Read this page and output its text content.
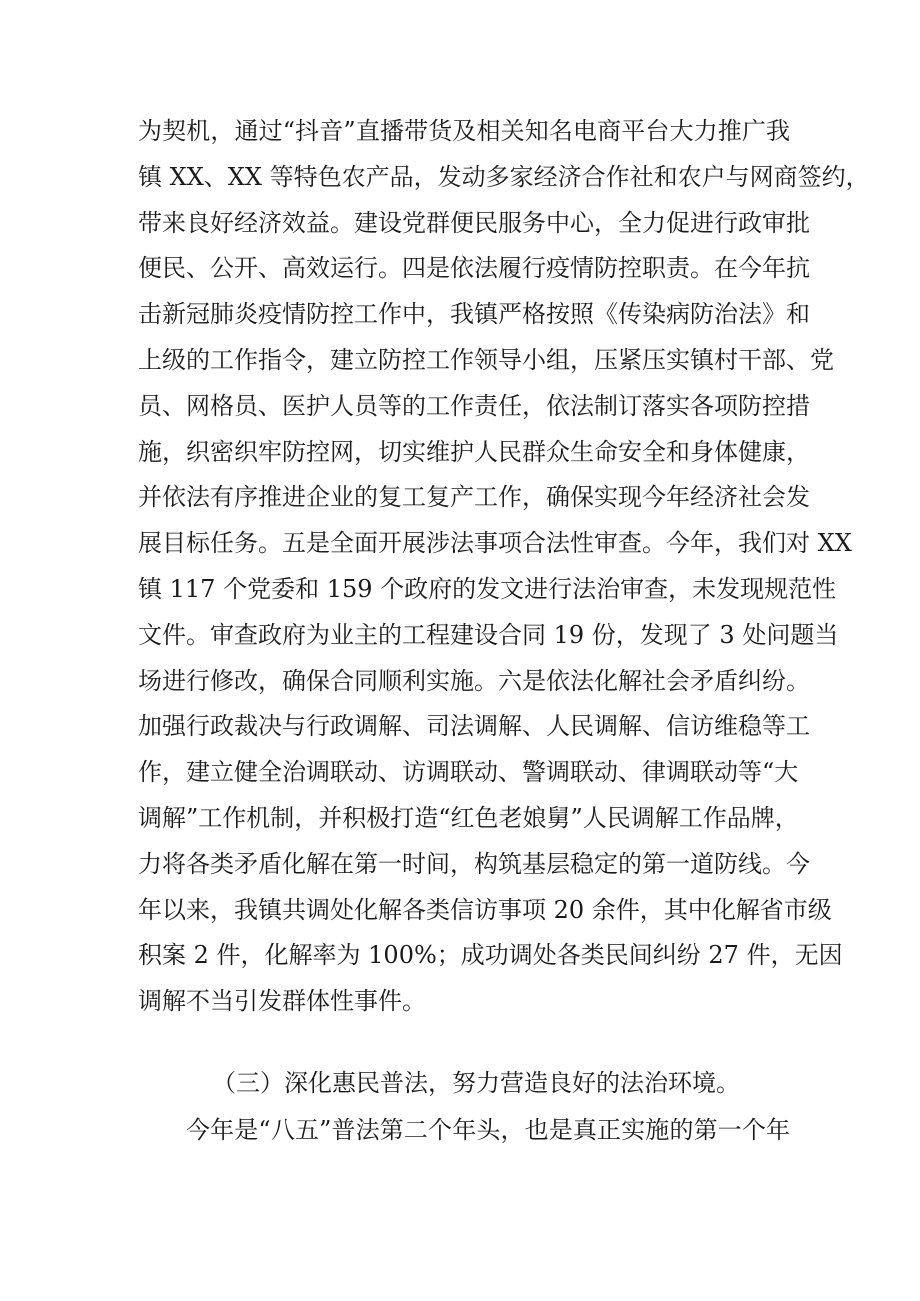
为契机，通过“抖音”直播带货及相关知名电商平台大力推广我
镇 XX、XX 等特色农产品，发动多家经济合作社和农户与网商签约，
带来良好经济效益。建设党群便民服务中心，全力促进行政审批
便民、公开、高效运行。四是依法履行疫情防控职责。在今年抗
击新冠肺炎疫情防控工作中，我镇严格按照《传染病防治法》和
上级的工作指令，建立防控工作领导小组，压紧压实镇村干部、党
员、网格员、医护人员等的工作责任，依法制订落实各项防控措
施，织密织牢防控网，切实维护人民群众生命安全和身体健康，
并依法有序推进企业的复工复产工作，确保实现今年经济社会发
展目标任务。五是全面开展涉法事项合法性审查。今年，我们对 XX
镇 117 个党委和 159 个政府的发文进行法治审查，未发现规范性
文件。审查政府为业主的工程建设合同 19 份，发现了 3 处问题当
场进行修改，确保合同顺利实施。六是依法化解社会矛盾纠纷。
加强行政裁决与行政调解、司法调解、人民调解、信访维稳等工
作，建立健全治调联动、访调联动、警调联动、律调联动等“大
调解”工作机制，并积极打造“红色老娘舅”人民调解工作品牌，
力将各类矛盾化解在第一时间，构筑基层稳定的第一道防线。今
年以来，我镇共调处化解各类信访事项 20 余件，其中化解省市级
积案 2 件，化解率为 100%；成功调处各类民间纠纷 27 件，无因
调解不当引发群体性事件。
（三）深化惠民普法，努力营造良好的法治环境。
今年是“八五”普法第二个年头，也是真正实施的第一个年
